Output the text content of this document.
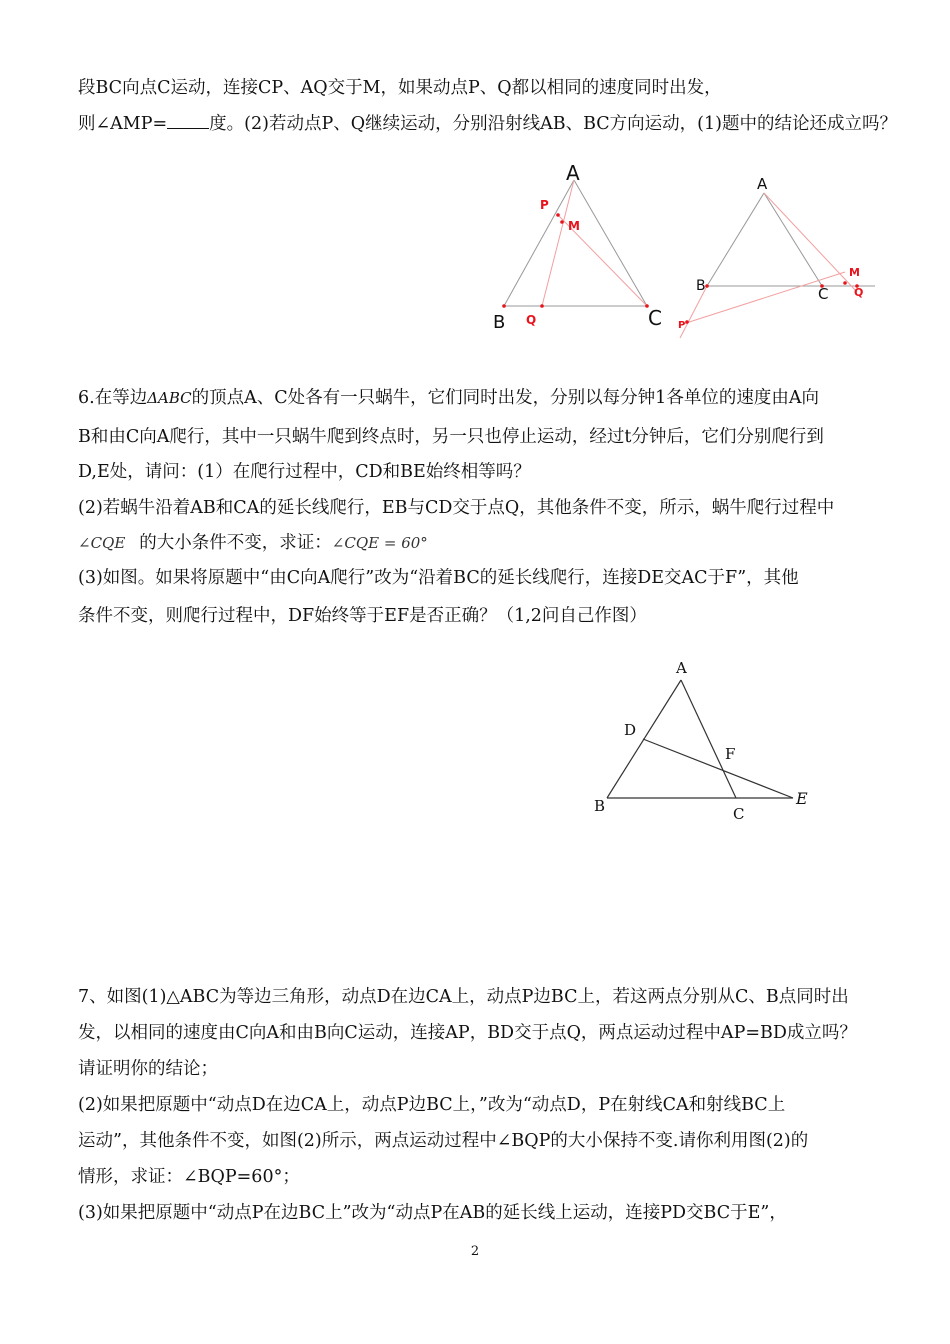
段BC向点C运动，连接CP、AQ交于M，如果动点P、Q都以相同的速度同时出发，
则∠AMP= 度。(2)若动点P、Q继续运动，分别沿射线AB、BC方向运动，(1)题中的结论还成立吗？
A
P
M
B Q	C
A
B	C
M
Q
P
6.在等边ΔABC的顶点A、C处各有一只蜗牛，它们同时出发，分别以每分钟1各单位的速度由A向
B和由C向A爬行，其中一只蜗牛爬到终点时，另一只也停止运动，经过t分钟后，它们分别爬行到
D,E处，请问：(1）在爬行过程中，CD和BE始终相等吗？
(2)若蜗牛沿着AB和CA的延长线爬行，EB与CD交于点Q，其他条件不变，所示，蜗牛爬行过程中
∠CQE 的大小条件不变，求证：∠CQE = 60°
(3)如图。如果将原题中“由C向A爬行”改为“沿着BC的延长线爬行，连接DE交AC于F”，其他
条件不变，则爬行过程中，DF始终等于EF是否正确？（1,2问自己作图）
A
D
F
B	C
E
7、如图(1)△ABC为等边三角形，动点D在边CA上，动点P边BC上，若这两点分别从C、B点同时出
发，以相同的速度由C向A和由B向C运动，连接AP，BD交于点Q，两点运动过程中AP=BD成立吗？
请证明你的结论；
(2)如果把原题中“动点D在边CA上，动点P边BC上，”改为“动点D，P在射线CA和射线BC上
运动”，其他条件不变，如图(2)所示，两点运动过程中∠BQP的大小保持不变.请你利用图(2)的
情形，求证：∠BQP=60°；
(3)如果把原题中“动点P在边BC上”改为“动点P在AB的延长线上运动，连接PD交BC于E”，
2
